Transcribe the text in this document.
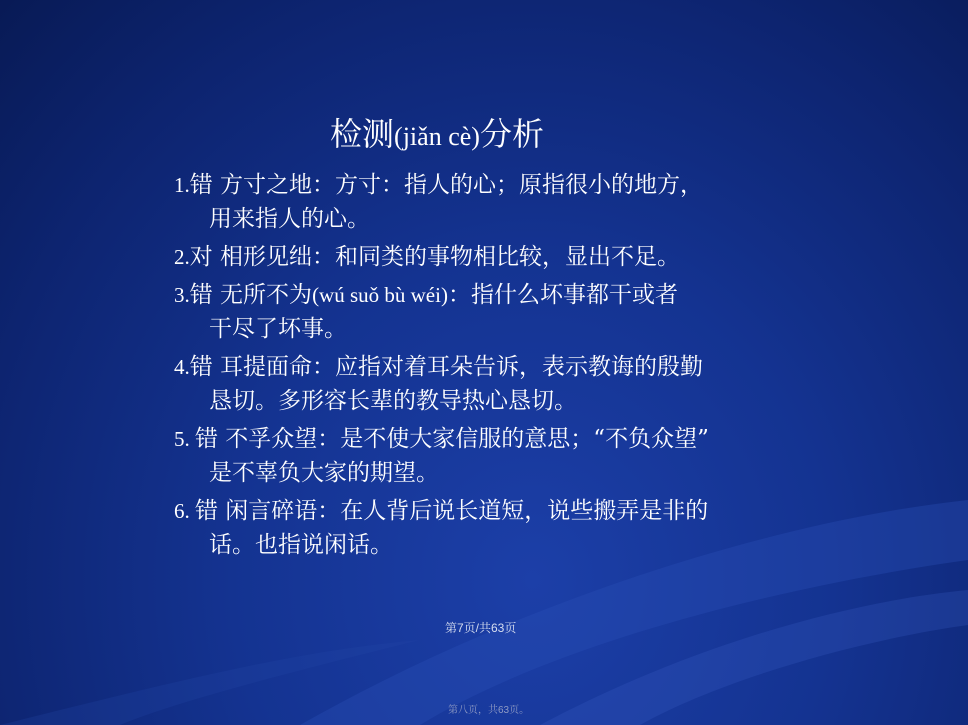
检测(jiǎn cè)分析
1.错 方寸之地：方寸：指人的心；原指很小的地方，
用来指人的心。
2.对 相形见绌：和同类的事物相比较，显出不足。
3.错 无所不为(wú suǒ bù wéi)：指什么坏事都干或者
干尽了坏事。
4.错 耳提面命：应指对着耳朵告诉，表示教诲的殷勤
恳切。多形容长辈的教导热心恳切。
5. 错 不孚众望：是不使大家信服的意思；“不负众望”
是不辜负大家的期望。
6. 错 闲言碎语：在人背后说长道短，说些搬弄是非的
话。也指说闲话。
第7页/共63页
第八页，共63页。
